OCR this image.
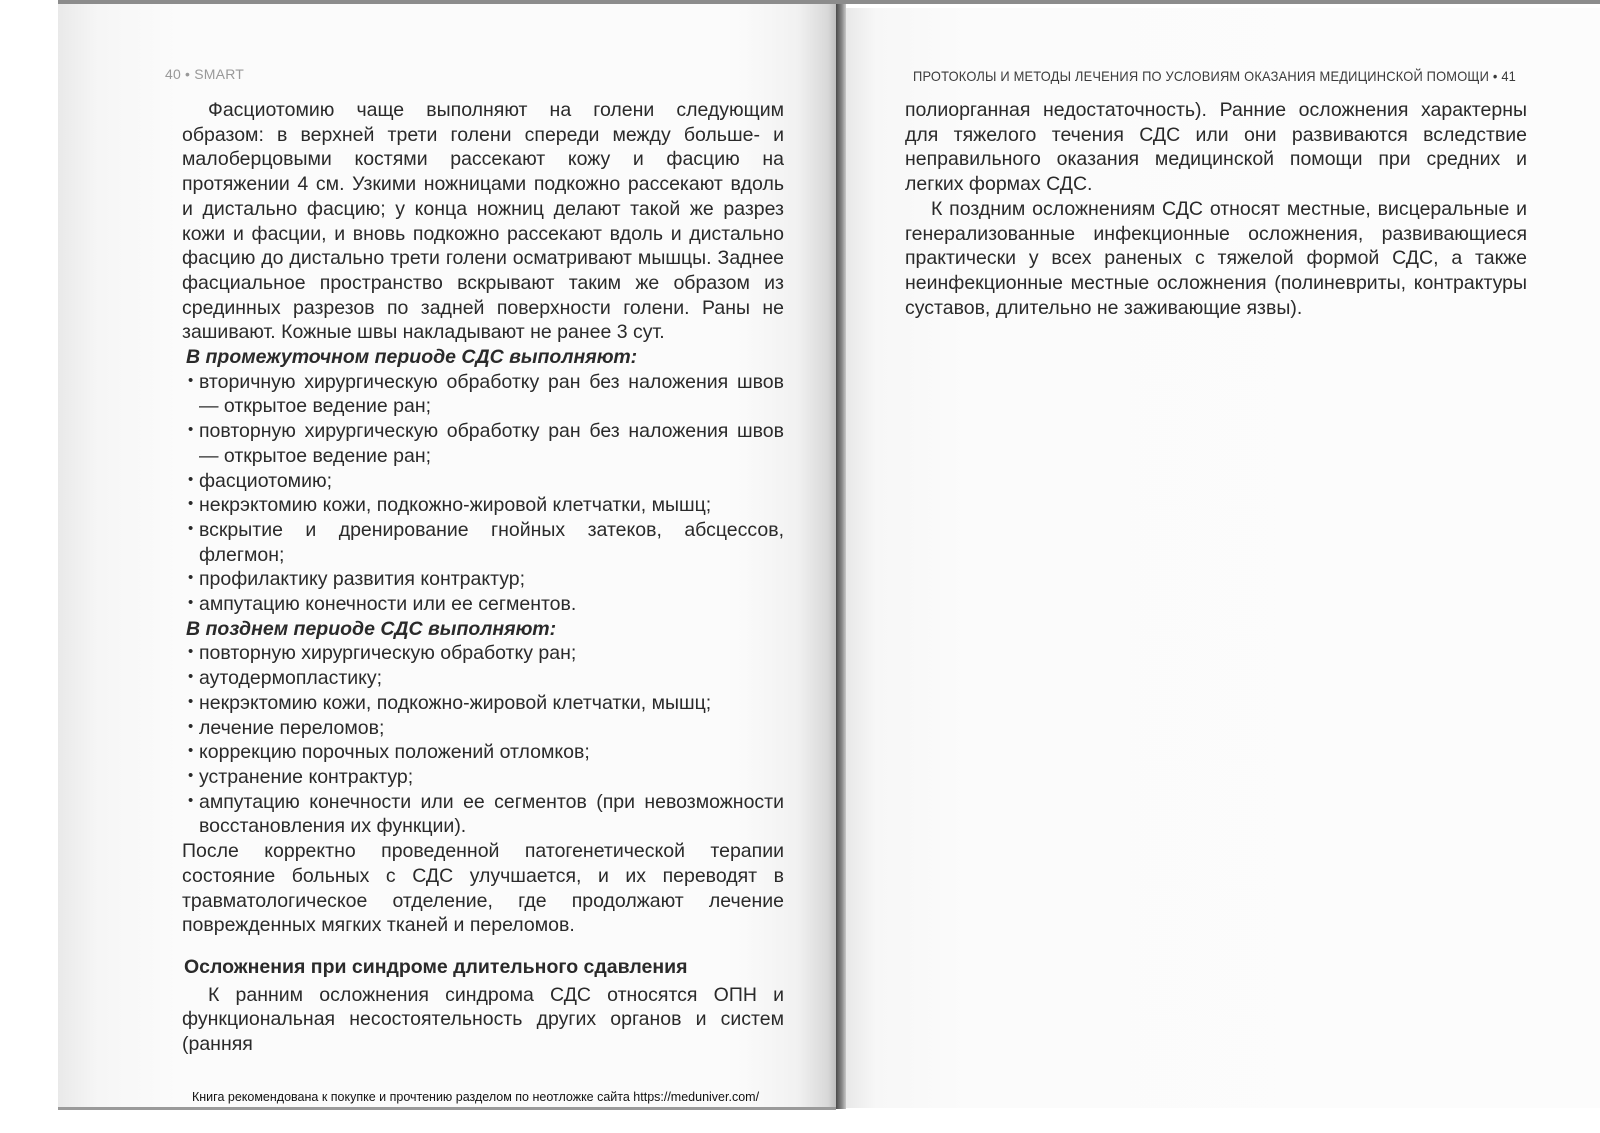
40 • SMART	ПРОТОКОЛЫ И МЕТОДЫ ЛЕЧЕНИЯ ПО УСЛОВИЯМ ОКАЗАНИЯ МЕДИЦИНСКОЙ ПОМОЩИ • 41

Фасциотомию чаще выполняют на голени следующим образом: в верхней трети голени спереди между больше- и малоберцовыми костями рассекают кожу и фасцию на протяжении 4 см. Узкими ножницами подкожно рассекают вдоль и дистально фасцию; у конца ножниц делают такой же разрез кожи и фасции, и вновь подкожно рассекают вдоль и дистально фасцию до дистально трети голени осматривают мышцы. Заднее фасциальное пространство вскрывают таким же образом из срединных разрезов по задней поверхности голени. Раны не зашивают. Кожные швы накладывают не ранее 3 сут.

В промежуточном периоде СДС выполняют:

• вторичную хирургическую обработку ран без наложения швов — открытое ведение ран;
• повторную хирургическую обработку ран без наложения швов — открытое ведение ран;
• фасциотомию;
• некрэктомию кожи, подкожно-жировой клетчатки, мышц;
• вскрытие и дренирование гнойных затеков, абсцессов, флегмон;
• профилактику развития контрактур;
• ампутацию конечности или ее сегментов.

В позднем периоде СДС выполняют:

• повторную хирургическую обработку ран;
• аутодермопластику;
• некрэктомию кожи, подкожно-жировой клетчатки, мышц;
• лечение переломов;
• коррекцию порочных положений отломков;
• устранение контрактур;
• ампутацию конечности или ее сегментов (при невозможности восстановления их функции).

После корректно проведенной патогенетической терапии состояние больных с СДС улучшается, и их переводят в травматологическое отделение, где продолжают лечение поврежденных мягких тканей и переломов.

Осложнения при синдроме длительного сдавления

К ранним осложнения синдрома СДС относятся ОПН и функциональная несостоятельность других органов и систем (ранняя

полиорганная недостаточность). Ранние осложнения характерны для тяжелого течения СДС или они развиваются вследствие неправильного оказания медицинской помощи при средних и легких формах СДС.

К поздним осложнениям СДС относят местные, висцеральные и генерализованные инфекционные осложнения, развивающиеся практически у всех раненых с тяжелой формой СДС, а также неинфекционные местные осложнения (полиневриты, контрактуры суставов, длительно не заживающие язвы).

Книга рекомендована к покупке и прочтению разделом по неотложке сайта https://meduniver.com/
